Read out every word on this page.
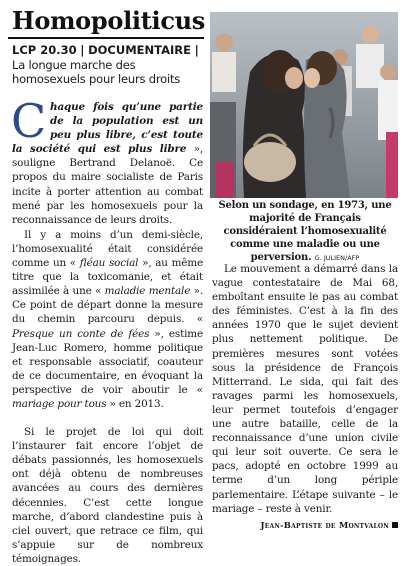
Homopoliticus
LCP 20.30 | DOCUMENTAIRE |
La longue marche des homosexuels pour leurs droits

Chaque fois qu’une partie de la population est un peu plus libre, c’est toute la société qui est plus libre », souligne Bertrand Delanoë. Ce propos du maire socialiste de Paris incite à porter attention au combat mené par les homosexuels pour la reconnaissance de leurs droits.

Il y a moins d’un demi-siècle, l’homosexualité était considérée comme un « fléau social », au même titre que la toxicomanie, et était assimilée à une « maladie mentale ». Ce point de départ donne la mesure du chemin parcouru depuis. « Presque un conte de fées », estime Jean-Luc Romero, homme politique et responsable associatif, coauteur de ce documentaire, en évoquant la perspective de voir aboutir le « mariage pour tous » en 2013.

Si le projet de loi qui doit l’instaurer fait encore l’objet de débats passionnés, les homosexuels ont déjà obtenu de nombreuses avancées au cours des dernières décennies. C’est cette longue marche, d’abord clandestine puis à ciel ouvert, que retrace ce film, qui s’appuie sur de nombreux témoignages.

Selon un sondage, en 1973, une majorité de Français considéraient l’homosexualité comme une maladie ou une perversion. G. JULIEN/AFP

Le mouvement a démarré dans la vague contestataire de Mai 68, emboîtant ensuite le pas au combat des féministes. C’est à la fin des années 1970 que le sujet devient plus nettement politique. De premières mesures sont votées sous la présidence de François Mitterrand. Le sida, qui fait des ravages parmi les homosexuels, leur permet toutefois d’engager une autre bataille, celle de la reconnaissance d’une union civile qui leur soit ouverte. Ce sera le pacs, adopté en octobre 1999 au terme d’un long périple parlementaire. L’étape suivante – le mariage – reste à venir.

Jean-Baptiste de Montvalon
